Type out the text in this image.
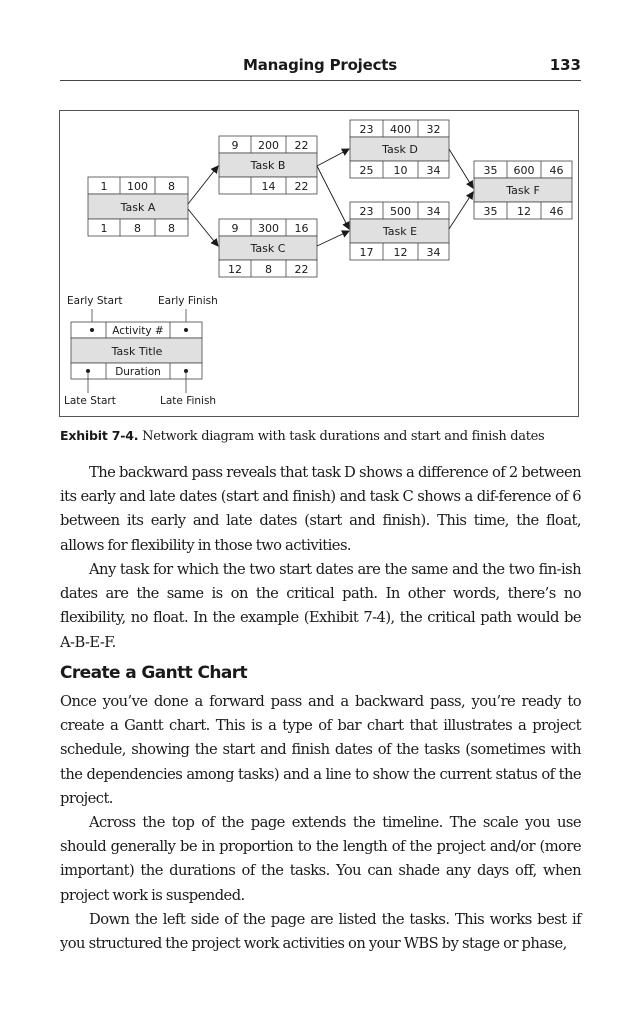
Managing Projects	133
1 100 8
Task A
1 8 8
9 200 22
Task B
14 22
9 300 16
Task C
12 8 22
23 400 32
Task D
25 10 34
23 500 34
Task E
17 12 34
35 600 46
Task F
35 12 46
Early Start	Early Finish
Activity #
Task Title
Duration
Late Start	Late Finish
Exhibit 7-4. Network diagram with task durations and start and finish dates

The backward pass reveals that task D shows a difference of 2 between its early and late dates (start and finish) and task C shows a dif-ference of 6 between its early and late dates (start and finish). This time, the float, allows for flexibility in those two activities.

Any task for which the two start dates are the same and the two fin-ish dates are the same is on the critical path. In other words, there’s no flexibility, no float. In the example (Exhibit 7-4), the critical path would be A-B-E-F.

Create a Gantt Chart

Once you’ve done a forward pass and a backward pass, you’re ready to create a Gantt chart. This is a type of bar chart that illustrates a project schedule, showing the start and finish dates of the tasks (sometimes with the dependencies among tasks) and a line to show the current status of the project.

Across the top of the page extends the timeline. The scale you use should generally be in proportion to the length of the project and/or (more important) the durations of the tasks. You can shade any days off, when project work is suspended.

Down the left side of the page are listed the tasks. This works best if you structured the project work activities on your WBS by stage or phase,
